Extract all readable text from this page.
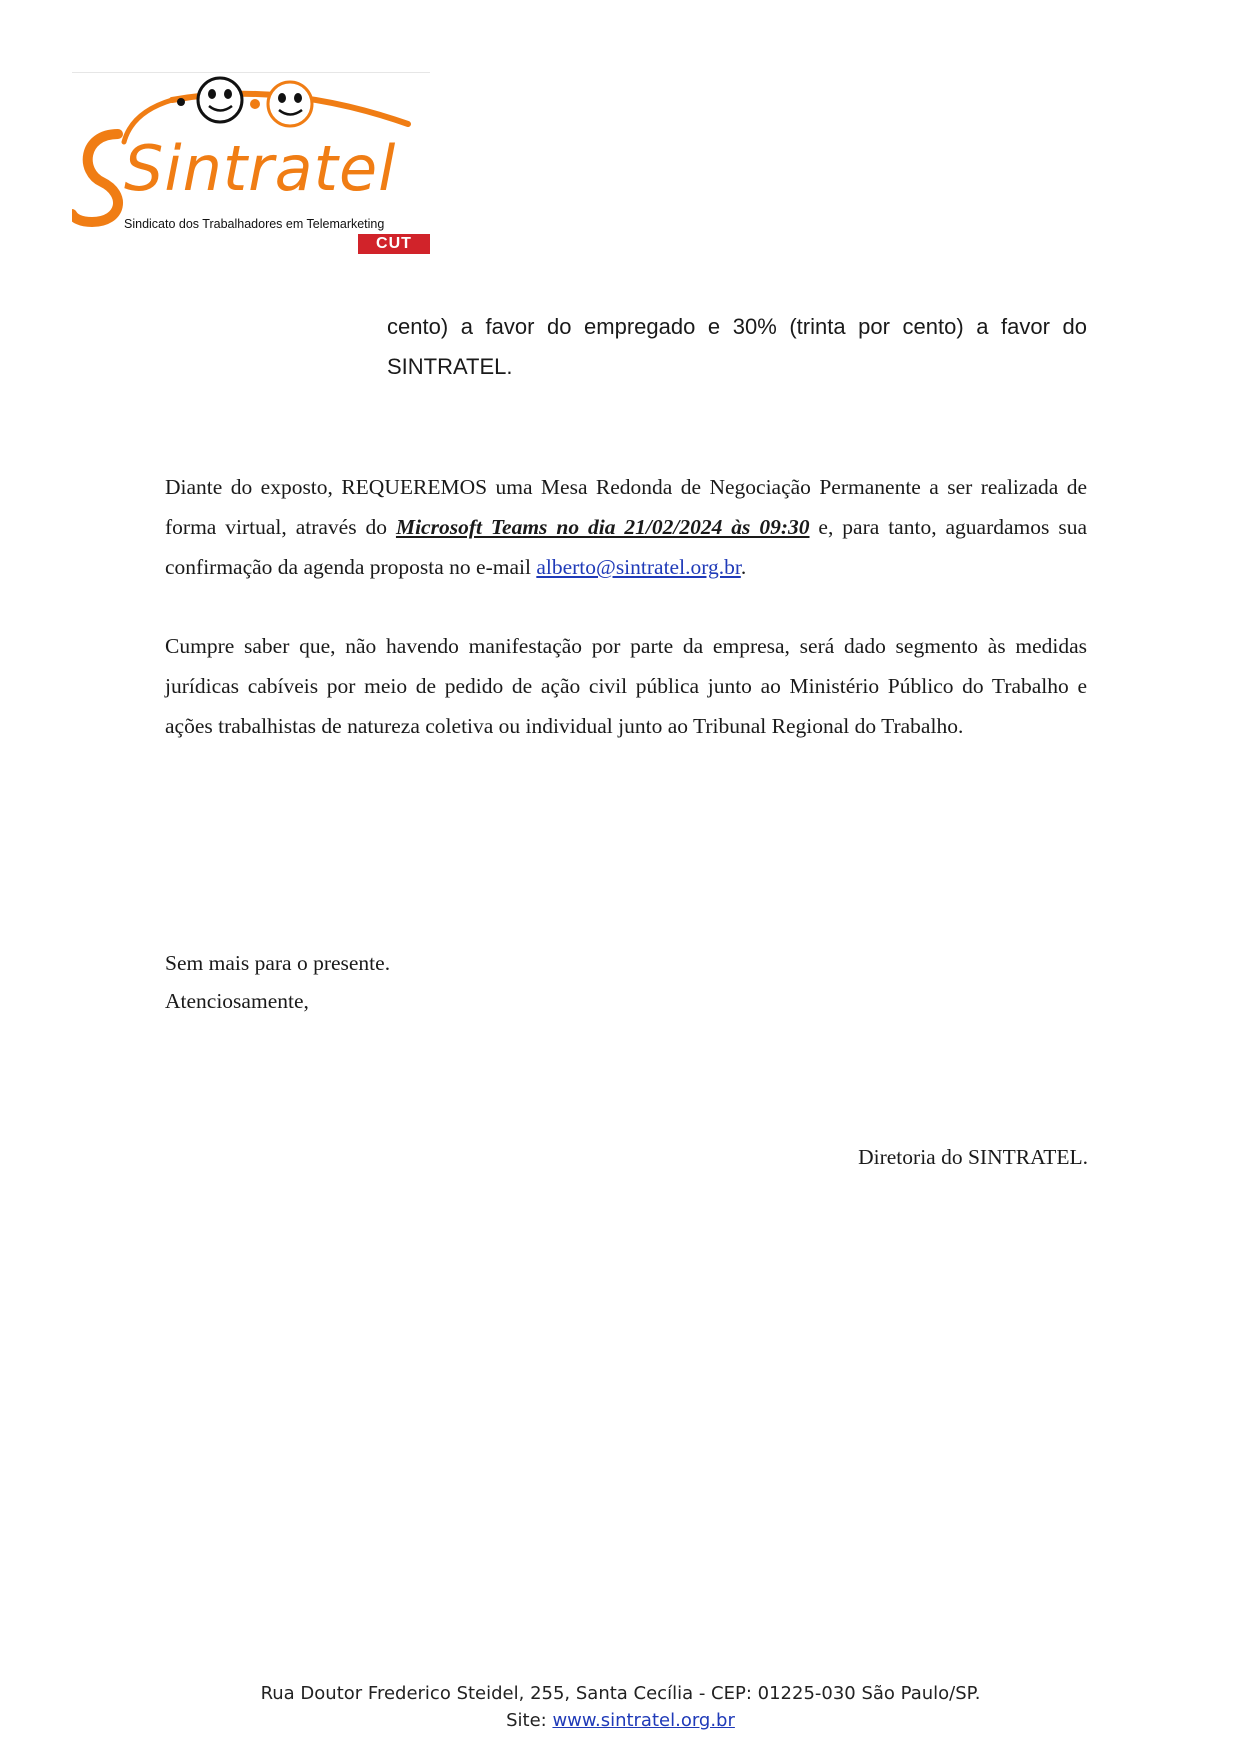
Sintratel
Sindicato dos Trabalhadores em Telemarketing
CUT
cento) a favor do empregado e 30% (trinta por cento) a favor do SINTRATEL.
Diante do exposto, REQUEREMOS uma Mesa Redonda de Negociação Permanente a ser realizada de forma virtual, através do Microsoft Teams no dia 21/02/2024 às 09:30 e, para tanto, aguardamos sua confirmação da agenda proposta no e-mail alberto@sintratel.org.br.
Cumpre saber que, não havendo manifestação por parte da empresa, será dado segmento às medidas jurídicas cabíveis por meio de pedido de ação civil pública junto ao Ministério Público do Trabalho e ações trabalhistas de natureza coletiva ou individual junto ao Tribunal Regional do Trabalho.
Sem mais para o presente.
Atenciosamente,
Diretoria do SINTRATEL.
Rua Doutor Frederico Steidel, 255, Santa Cecília - CEP: 01225-030 São Paulo/SP.
Site: www.sintratel.org.br
